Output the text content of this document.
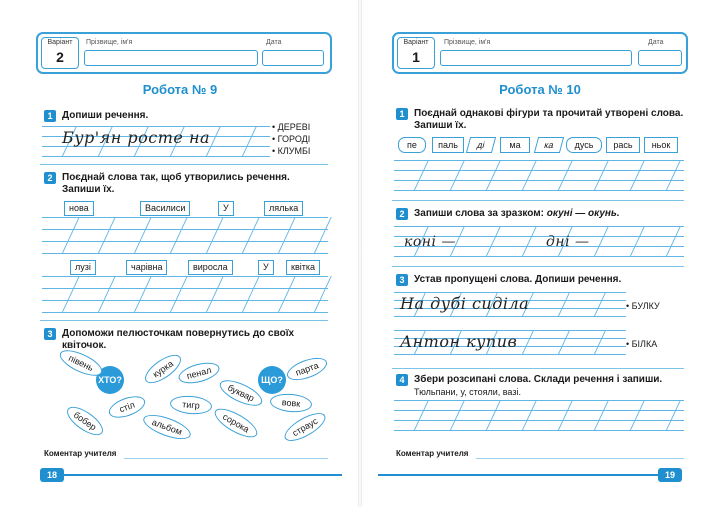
Варіант
2
Прізвище, ім'я	Дата
Робота № 9
1 Допиши речення.
Бур'ян росте на
• ДЕРЕВІ
• ГОРОДІ
• КЛУМБІ
2 Поєднай слова так, щоб утворились речення. Запиши їх.
нова	Василиси	У	лялька
лузі	чарівна	виросла	У	квітка
3 Допоможи пелюсточкам повернутись до своїх квіточок.
ХТО?	ЩО?
півень	курка	пенал	парта
буквар
стіл	тигр	вовк
бобер	альбом	сорока	страус
Коментар учителя
18
Варіант
1
Прізвище, ім'я	Дата
Робота № 10
1 Поєднай однакові фігури та прочитай утворені слова. Запиши їх.
пе	паль	ді	ма	ка	дусь	рась	ньок
2 Запиши слова за зразком: окуні — окунь.
коні —	дні —
3 Устав пропущені слова. Допиши речення.
На дубі сиділа	• БУЛКУ
Антон купив	• БІЛКА
4 Збери розсипані слова. Склади речення і запиши.
Тюльпани, у, стояли, вазі.
Коментар учителя
19
